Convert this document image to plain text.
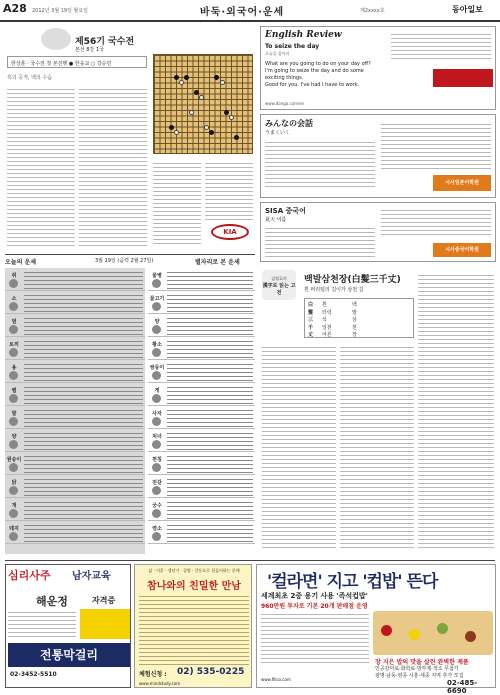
A28 2012년 3월 19일 월요일	바둑·외국어·운세	제2xxxx호	동아일보
제56기 국수전
본선 8강 1국
한상훈 · 국수전 첫 본선행 ● 한웅교 ○ 강승민
흑의 공격, 백의 수습
KIA
English Review
To seize the day
오늘을 잡아라
What are you going to do on your day off?
I'm going to seize the day and do some exciting things.
Good for you. I've had I have to work.
www.donga.com/en
みんなの会話
うまくいく
시사일본어학원
SISA 중국어
夏天 여름
시사중국어학원
오늘의 운세	3월 19일 (음력 2월 27일)	별자리로 본 운세
쥐
소
범
토끼
용
뱀
말
양
원숭이
닭
개
돼지
물병
물고기
양
황소
쌍둥이
게
사자
처녀
천칭
전갈
궁수
염소
김영호의
漢字로 읽는 고전
백발삼천장(白髮三千丈)
흰 머리털의 길이가 삼천 길
白 흰	백
髮 터럭	발
三 석	삼
千 일천	천
丈 어른	장
심리사주	남자교육
해운정	자격증
전통막걸리
02-3452-5510
삶 · 이혼 · 갱년기 · 질병 · 갈등으로 힘들어하는 분께
참나와의 친밀한 만남
체험신청 : 02) 535-0225
www.mindstudy.com
'컬라면' 지고 '컵밥' 뜬다
세계최초 2중 용기 사용 '즉석컵밥'
960만원 투자로 기본 20개 판매점 운영
장 지은 밥의 맛을 살린 완벽한 제품
인공감미료·화학료·방부제·색소 무첨가
광명·남동·영종·시흥·세종 지역 추가 모집
www.fillco.com	02-485-6690
